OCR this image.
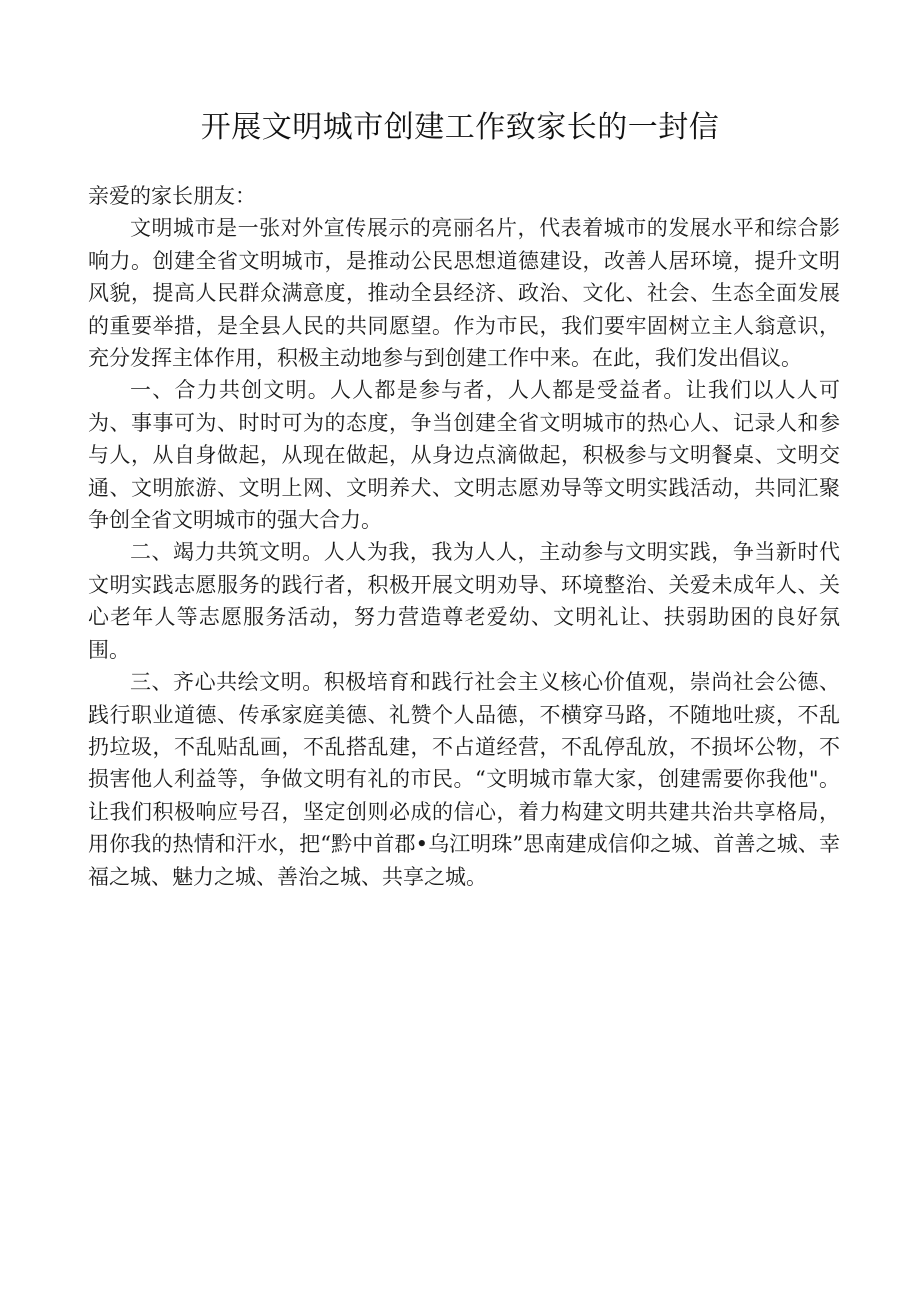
开展文明城市创建工作致家长的一封信

亲爱的家长朋友：

文明城市是一张对外宣传展示的亮丽名片，代表着城市的发展水平和综合影响力。创建全省文明城市，是推动公民思想道德建设，改善人居环境，提升文明风貌，提高人民群众满意度，推动全县经济、政治、文化、社会、生态全面发展的重要举措，是全县人民的共同愿望。作为市民，我们要牢固树立主人翁意识，充分发挥主体作用，积极主动地参与到创建工作中来。在此，我们发出倡议。

一、合力共创文明。人人都是参与者，人人都是受益者。让我们以人人可为、事事可为、时时可为的态度，争当创建全省文明城市的热心人、记录人和参与人，从自身做起，从现在做起，从身边点滴做起，积极参与文明餐桌、文明交通、文明旅游、文明上网、文明养犬、文明志愿劝导等文明实践活动，共同汇聚争创全省文明城市的强大合力。

二、竭力共筑文明。人人为我，我为人人，主动参与文明实践，争当新时代文明实践志愿服务的践行者，积极开展文明劝导、环境整治、关爱未成年人、关心老年人等志愿服务活动，努力营造尊老爱幼、文明礼让、扶弱助困的良好氛围。

三、齐心共绘文明。积极培育和践行社会主义核心价值观，崇尚社会公德、践行职业道德、传承家庭美德、礼赞个人品德，不横穿马路，不随地吐痰，不乱扔垃圾，不乱贴乱画，不乱搭乱建，不占道经营，不乱停乱放，不损坏公物，不损害他人利益等，争做文明有礼的市民。“文明城市靠大家，创建需要你我他"。让我们积极响应号召，坚定创则必成的信心，着力构建文明共建共治共享格局，用你我的热情和汗水，把“黔中首郡•乌江明珠”思南建成信仰之城、首善之城、幸福之城、魅力之城、善治之城、共享之城。
